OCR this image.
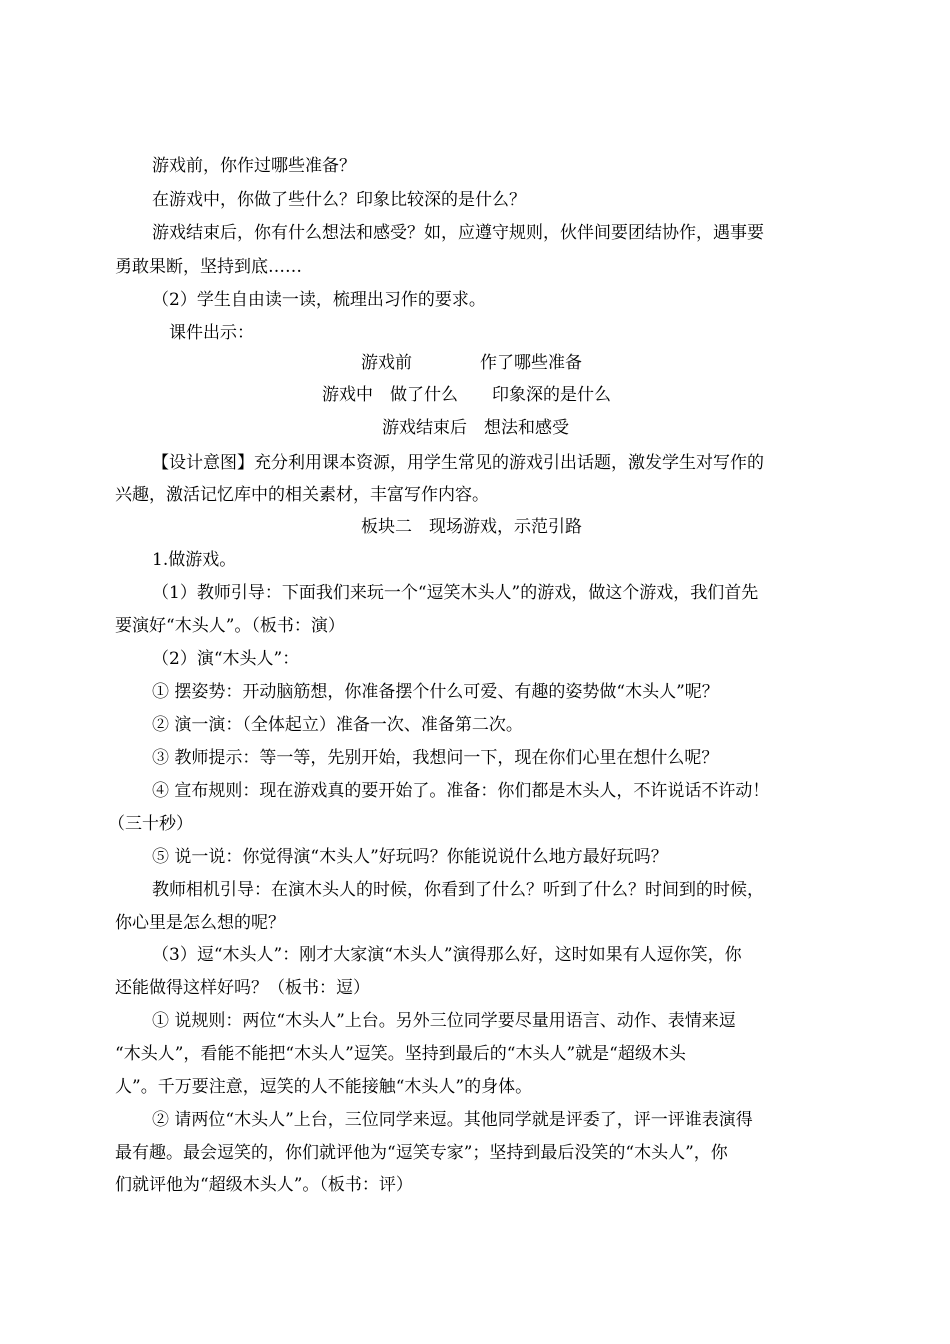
游戏前，你作过哪些准备？
在游戏中，你做了些什么？印象比较深的是什么？
游戏结束后，你有什么想法和感受？如，应遵守规则，伙伴间要团结协作，遇事要
勇敢果断，坚持到底……
（2）学生自由读一读，梳理出习作的要求。
课件出示：
游戏前　　　　作了哪些准备
游戏中　做了什么　　印象深的是什么
游戏结束后　想法和感受
【设计意图】充分利用课本资源，用学生常见的游戏引出话题，激发学生对写作的
兴趣，激活记忆库中的相关素材，丰富写作内容。
板块二　现场游戏，示范引路
1.做游戏。
（1）教师引导：下面我们来玩一个“逗笑木头人”的游戏，做这个游戏，我们首先
要演好“木头人”。（板书：演）
（2）演“木头人”：
① 摆姿势：开动脑筋想，你准备摆个什么可爱、有趣的姿势做“木头人”呢？
② 演一演：（全体起立）准备一次、准备第二次。
③ 教师提示：等一等，先别开始，我想问一下，现在你们心里在想什么呢？
④ 宣布规则：现在游戏真的要开始了。准备：你们都是木头人，不许说话不许动！
（三十秒）
⑤ 说一说：你觉得演“木头人”好玩吗？你能说说什么地方最好玩吗？
教师相机引导：在演木头人的时候，你看到了什么？听到了什么？时间到的时候，
你心里是怎么想的呢？
（3）逗“木头人”：刚才大家演“木头人”演得那么好，这时如果有人逗你笑，你
还能做得这样好吗？（板书：逗）
① 说规则：两位“木头人”上台。另外三位同学要尽量用语言、动作、表情来逗
“木头人”，看能不能把“木头人”逗笑。坚持到最后的“木头人”就是“超级木头
人”。千万要注意，逗笑的人不能接触“木头人”的身体。
② 请两位“木头人”上台，三位同学来逗。其他同学就是评委了，评一评谁表演得
最有趣。最会逗笑的，你们就评他为“逗笑专家”；坚持到最后没笑的“木头人”，你
们就评他为“超级木头人”。（板书：评）
